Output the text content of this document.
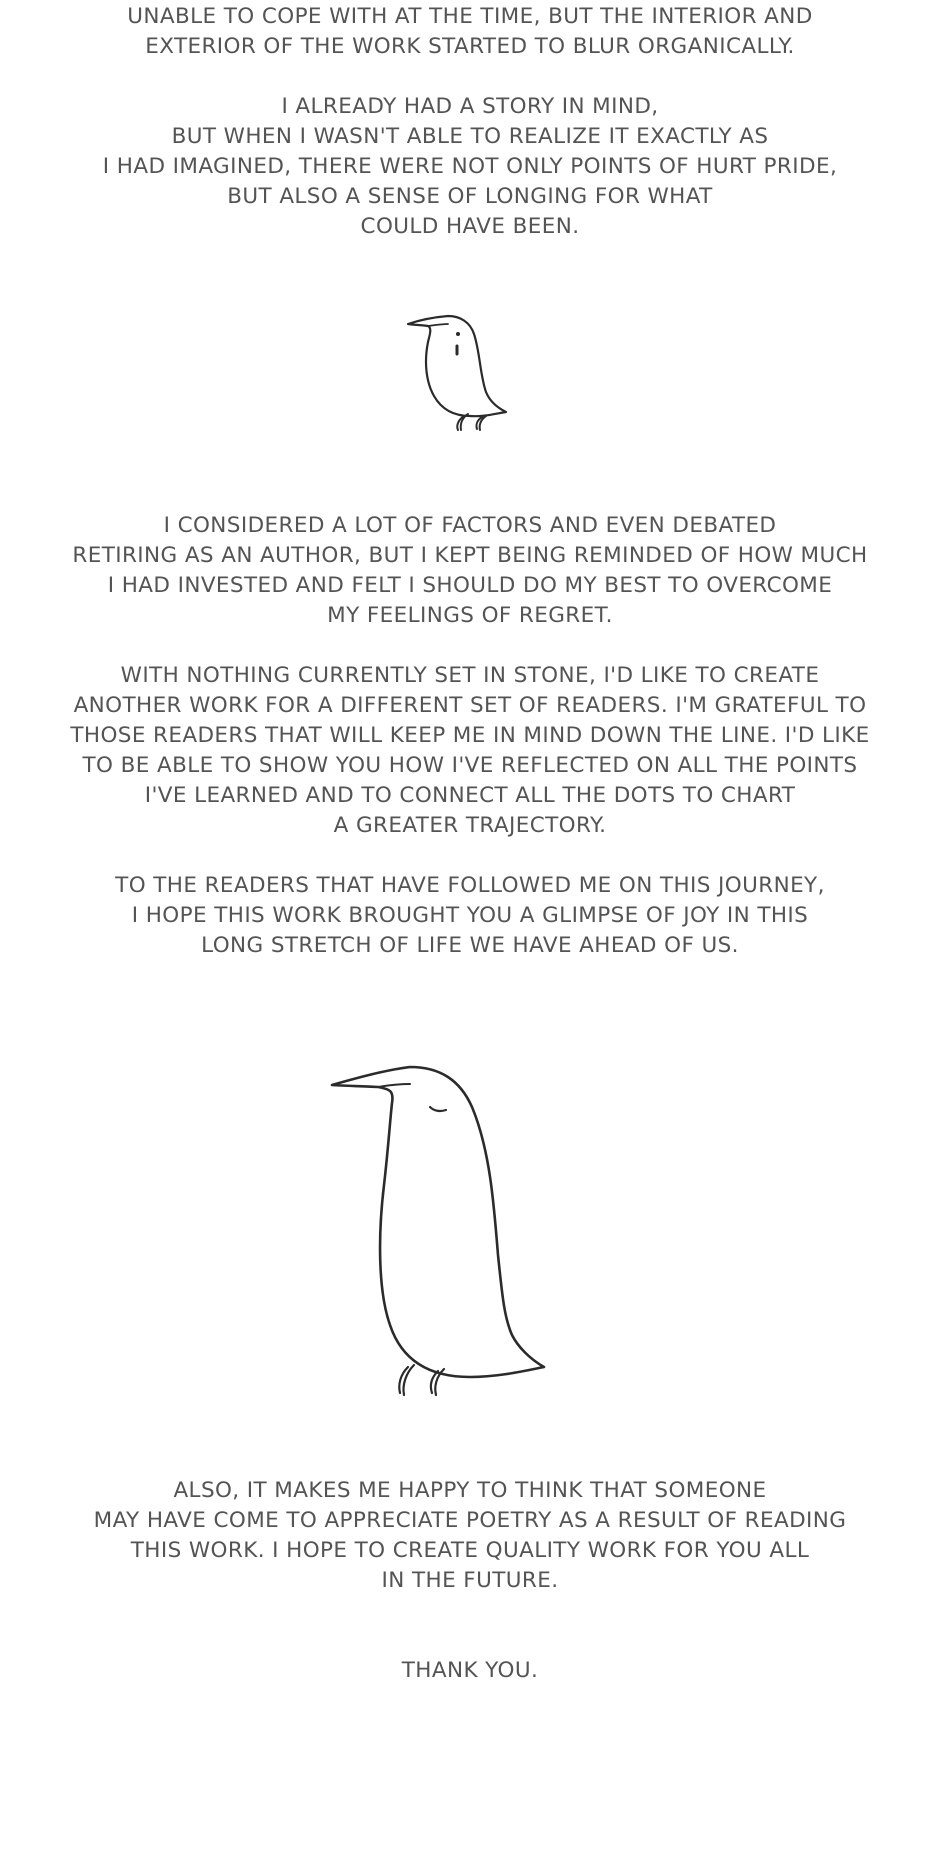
UNABLE TO COPE WITH AT THE TIME, BUT THE INTERIOR AND
EXTERIOR OF THE WORK STARTED TO BLUR ORGANICALLY.
I ALREADY HAD A STORY IN MIND,
BUT WHEN I WASN'T ABLE TO REALIZE IT EXACTLY AS
I HAD IMAGINED, THERE WERE NOT ONLY POINTS OF HURT PRIDE,
BUT ALSO A SENSE OF LONGING FOR WHAT
COULD HAVE BEEN.
I CONSIDERED A LOT OF FACTORS AND EVEN DEBATED
RETIRING AS AN AUTHOR, BUT I KEPT BEING REMINDED OF HOW MUCH
I HAD INVESTED AND FELT I SHOULD DO MY BEST TO OVERCOME
MY FEELINGS OF REGRET.
WITH NOTHING CURRENTLY SET IN STONE, I'D LIKE TO CREATE
ANOTHER WORK FOR A DIFFERENT SET OF READERS. I'M GRATEFUL TO
THOSE READERS THAT WILL KEEP ME IN MIND DOWN THE LINE. I'D LIKE
TO BE ABLE TO SHOW YOU HOW I'VE REFLECTED ON ALL THE POINTS
I'VE LEARNED AND TO CONNECT ALL THE DOTS TO CHART
A GREATER TRAJECTORY.
TO THE READERS THAT HAVE FOLLOWED ME ON THIS JOURNEY,
I HOPE THIS WORK BROUGHT YOU A GLIMPSE OF JOY IN THIS
LONG STRETCH OF LIFE WE HAVE AHEAD OF US.
ALSO, IT MAKES ME HAPPY TO THINK THAT SOMEONE
MAY HAVE COME TO APPRECIATE POETRY AS A RESULT OF READING
THIS WORK. I HOPE TO CREATE QUALITY WORK FOR YOU ALL
IN THE FUTURE.
THANK YOU.
